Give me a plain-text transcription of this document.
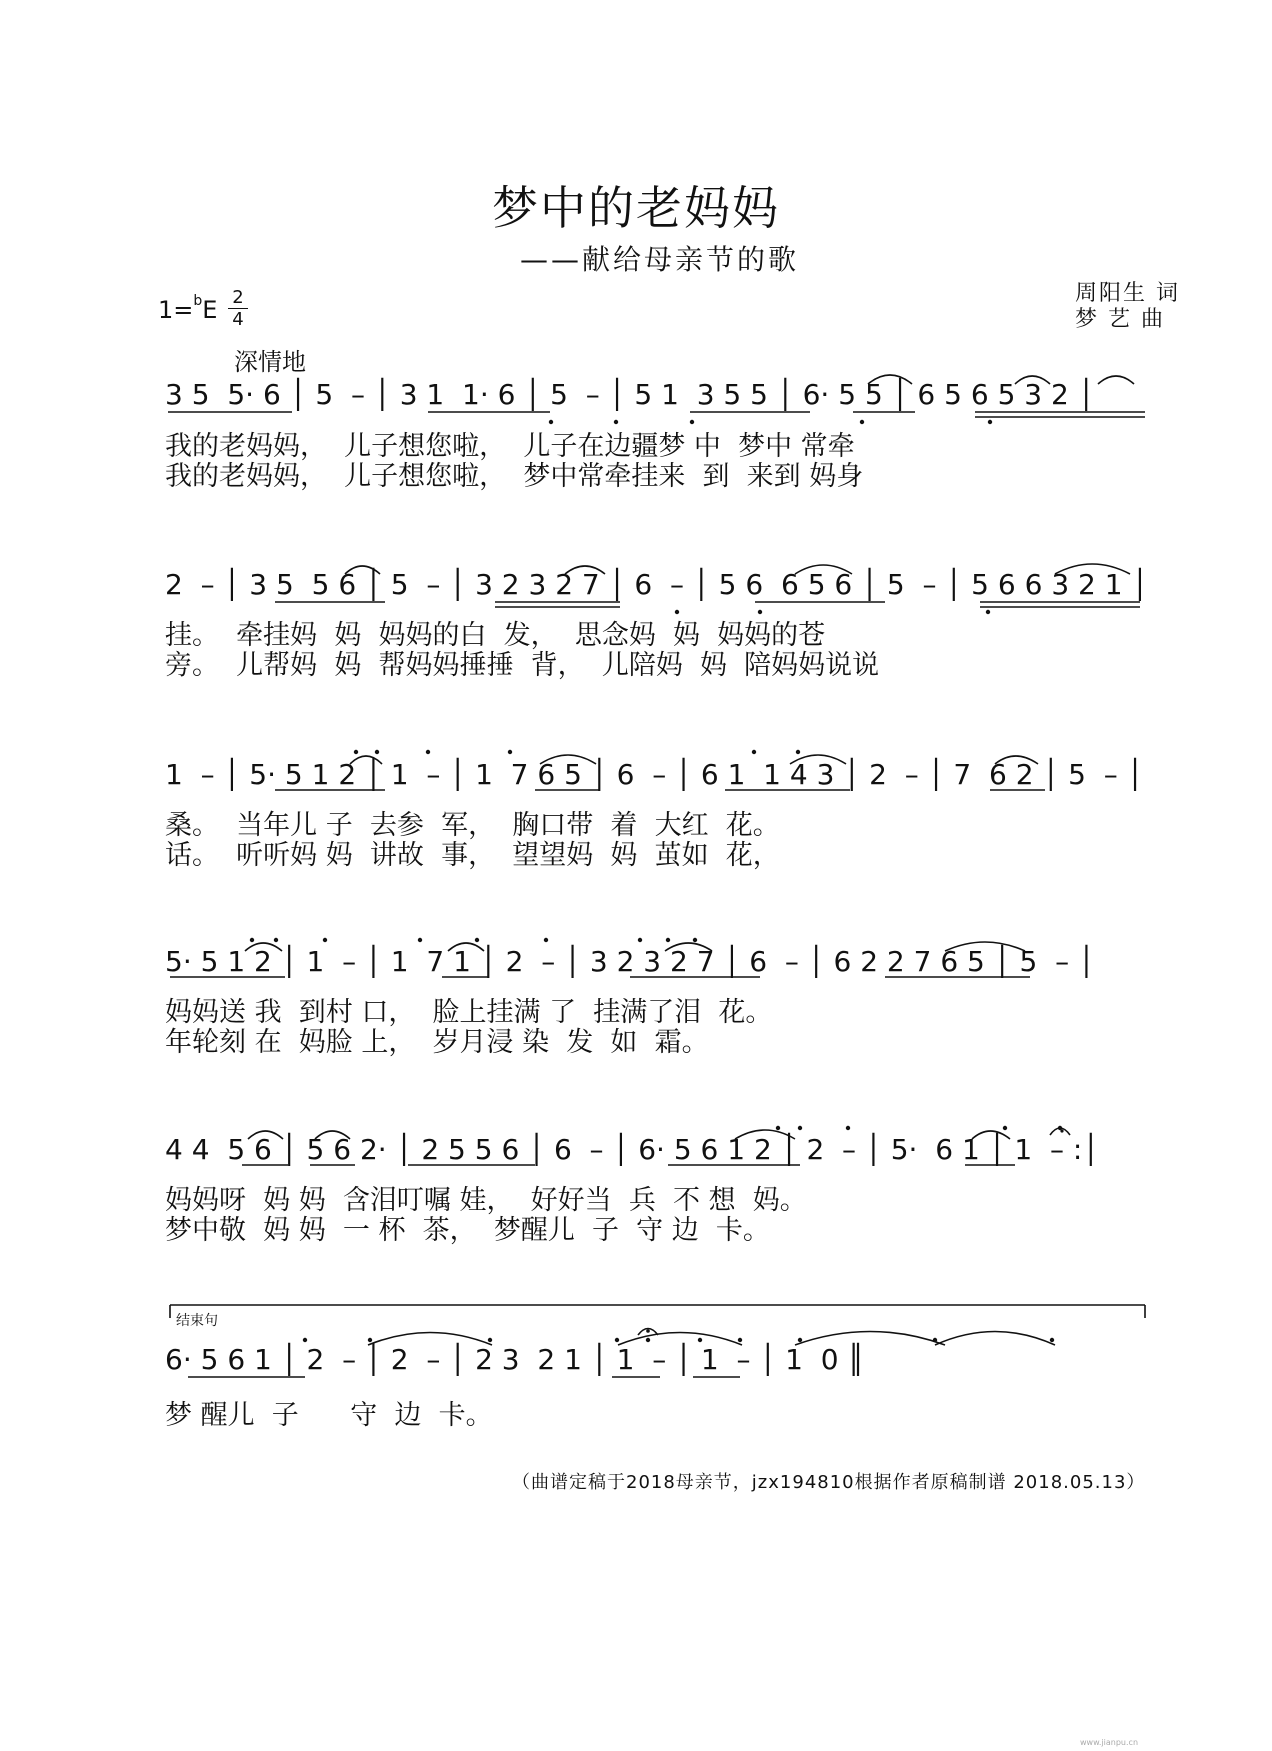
梦中的老妈妈
——献给母亲节的歌
周阳生 词
梦 艺 曲
1=$^b$E 2
4
深情地
3 5  5· 6 │ 5  – │ 3 1  1· 6 │ 5  – │ 5 1  3 5 5 │ 6· 5 5 │ 6 5 6 5 3 2 │
我的老妈妈，  儿子想您啦，  儿子在边疆梦 中  梦中 常牵
我的老妈妈，  儿子想您啦，  梦中常牵挂来  到  来到 妈身
2  – │ 3 5  5 6 │ 5  – │ 3 2 3 2 7 │ 6  – │ 5 6  6 5 6 │ 5  – │ 5 6 6 3 2 1 │
挂。  牵挂妈  妈  妈妈的白  发，  思念妈  妈  妈妈的苍
旁。  儿帮妈  妈  帮妈妈捶捶  背，  儿陪妈  妈  陪妈妈说说
1  – │ 5· 5 1 2 │ 1  – │ 1  7 6 5 │ 6  – │ 6 1  1 4 3 │ 2  – │ 7  6 2 │ 5  – │
桑。  当年儿 子  去参  军，  胸口带  着  大红  花。
话。  听听妈 妈  讲故  事，  望望妈  妈  茧如  花，
5· 5 1 2 │ 1  – │ 1  7 1 │ 2  – │ 3 2 3 2 7 │ 6  – │ 6 2 2 7 6 5 │ 5  – │
妈妈送 我  到村 口，  脸上挂满 了  挂满了泪  花。
年轮刻 在  妈脸 上，  岁月浸 染  发  如  霜。
4 4  5 6 │ 5 6 2· │ 2 5 5 6 │ 6  – │ 6· 5 6 1 2 │ 2  – │ 5·  6 1 │ 1  – :│
妈妈呀  妈 妈  含泪叮嘱 娃，  好好当  兵  不 想  妈。
梦中敬  妈 妈  一 杯  茶，  梦醒儿  子  守 边  卡。
结束句
6· 5 6 1 │ 2  – │ 2  – │ 2 3  2 1 │ 1  – │ 1  – │ 1  0 ║
梦 醒儿  子      守  边  卡。
（曲谱定稿于2018母亲节，jzx194810根据作者原稿制谱 2018.05.13）
www.jianpu.cn
